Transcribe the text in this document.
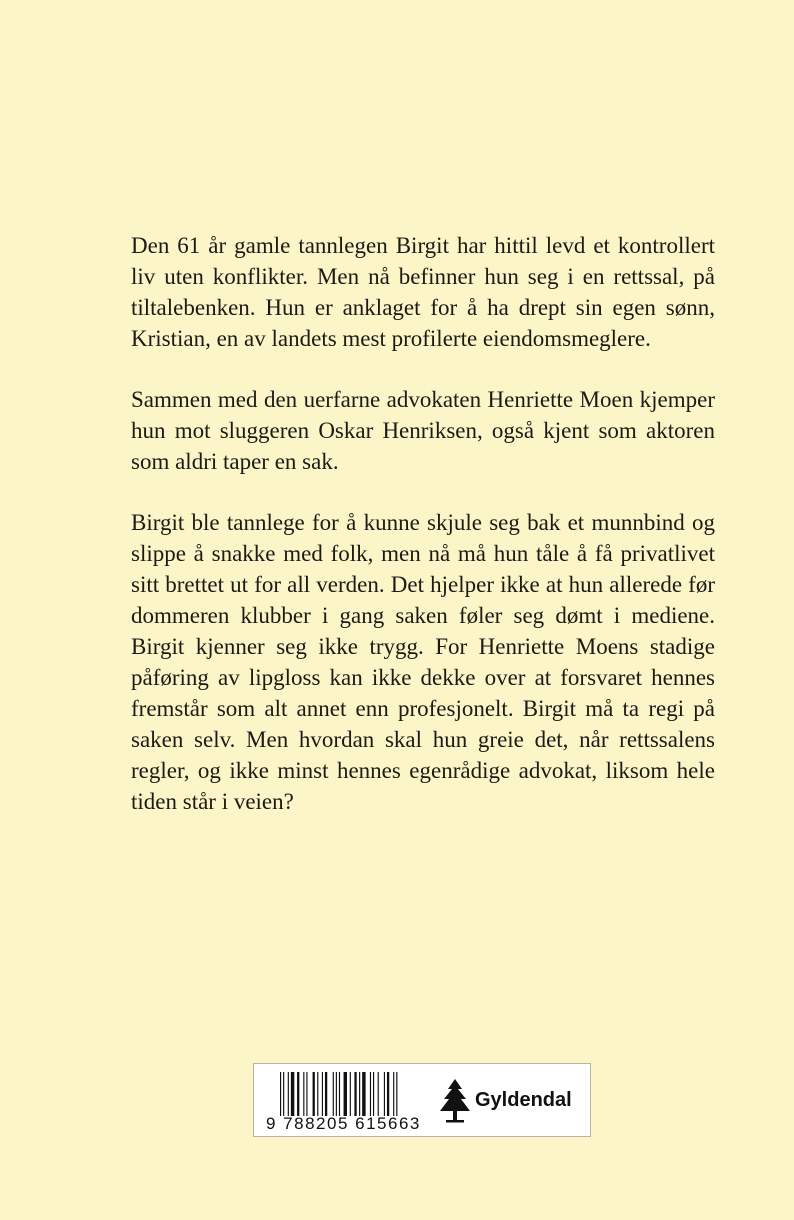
Den 61 år gamle tannlegen Birgit har hittil levd et kontrollert liv uten konflikter. Men nå befinner hun seg i en rettssal, på tiltalebenken. Hun er anklaget for å ha drept sin egen sønn, Kristian, en av landets mest profilerte eiendomsmeglere.

Sammen med den uerfarne advokaten Henriette Moen kjemper hun mot sluggeren Oskar Henriksen, også kjent som aktoren som aldri taper en sak.

Birgit ble tannlege for å kunne skjule seg bak et munnbind og slippe å snakke med folk, men nå må hun tåle å få privatlivet sitt brettet ut for all verden. Det hjelper ikke at hun allerede før dommeren klubber i gang saken føler seg dømt i mediene. Birgit kjenner seg ikke trygg. For Henriette Moens stadige påføring av lipgloss kan ikke dekke over at forsvaret hennes fremstår som alt annet enn profesjonelt. Birgit må ta regi på saken selv. Men hvordan skal hun greie det, når rettssalens regler, og ikke minst hennes egenrådige advokat, liksom hele tiden står i veien?

9 788205 615663
Gyldendal
